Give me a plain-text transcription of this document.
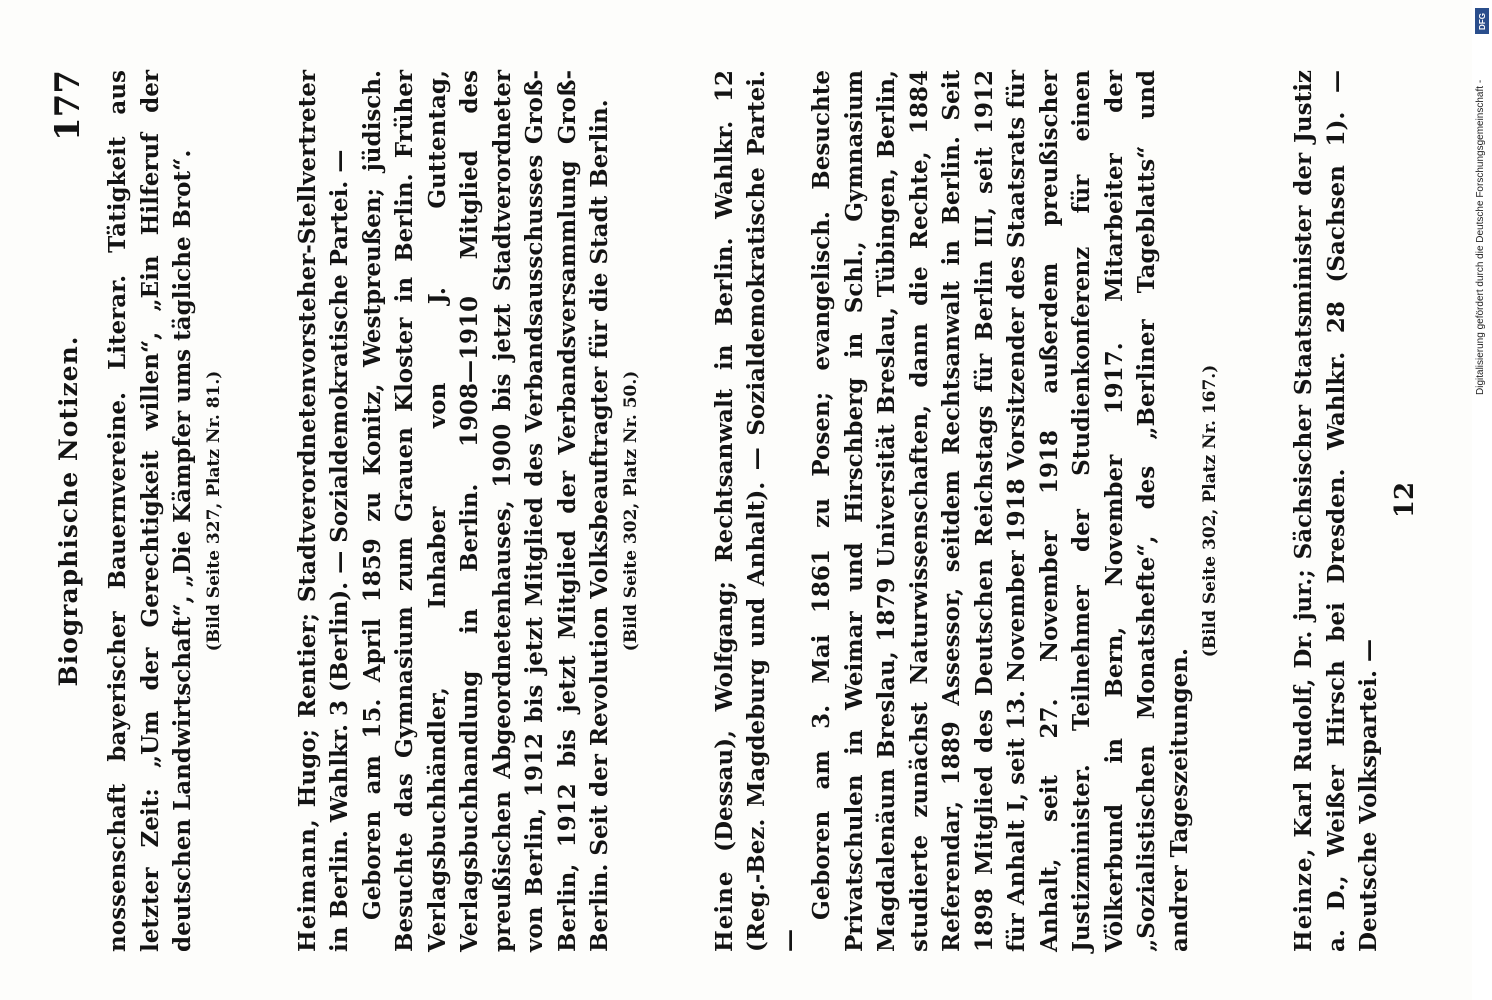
Biographische Notizen.
177 nossenschaft bayerischer Bauernvereine. Literar. Tätigkeit aus letzter Zeit: „Um der Gerechtigkeit willen“, „Ein Hilferuf der deutschen Landwirtschaft“, „Die Kämpfer ums tägliche Brot“. (Bild Seite 327, Platz Nr. 81.)

Heimann, Hugo; Rentier; Stadtverordnetenvorsteher-Stellvertreter in Berlin. Wahlkr. 3 (Berlin). — Sozialdemokratische Partei. — Geboren am 15. April 1859 zu Konitz, Westpreußen; jüdisch. Besuchte das Gymnasium zum Grauen Kloster in Berlin. Früher Verlagsbuchhändler, Inhaber von J. Guttentag, Verlagsbuchhandlung in Berlin. 1908—1910 Mitglied des preußischen Abgeordnetenhauses, 1900 bis jetzt Stadtverordneter von Berlin, 1912 bis jetzt Mitglied des Verbandsausschusses Groß-Berlin, 1912 bis jetzt Mitglied der Verbandsversammlung Groß-Berlin. Seit der Revolution Volksbeauftragter für die Stadt Berlin. (Bild Seite 302, Platz Nr. 50.)

Heine (Dessau), Wolfgang; Rechtsanwalt in Berlin. Wahlkr. 12 (Reg.-Bez. Magdeburg und Anhalt). — Sozialdemokratische Partei. —

Geboren am 3. Mai 1861 zu Posen; evangelisch. Besuchte Privatschulen in Weimar und Hirschberg in Schl., Gymnasium Magdalenäum Breslau, 1879 Universität Breslau, Tübingen, Berlin, studierte zunächst Naturwissenschaften, dann die Rechte, 1884 Referendar, 1889 Assessor, seitdem Rechtsanwalt in Berlin. Seit 1898 Mitglied des Deutschen Reichstags für Berlin III, seit 1912 für Anhalt I, seit 13. November 1918 Vorsitzender des Staatsrats für Anhalt, seit 27. November 1918 außerdem preußischer Justizminister. Teilnehmer der Studienkonferenz für einen Völkerbund in Bern, November 1917. Mitarbeiter der „Sozialistischen Monatshefte“, des „Berliner Tageblatts“ und andrer Tageszeitungen.

(Bild Seite 302, Platz Nr. 167.)

Heinze, Karl Rudolf, Dr. jur.; Sächsischer Staatsminister der Justiz a. D., Weißer Hirsch bei Dresden. Wahlkr. 28 (Sachsen 1). — Deutsche Volkspartei. —

12
DFG
Digitalisierung gefördert durch die Deutsche Forschungsgemeinschaft -
